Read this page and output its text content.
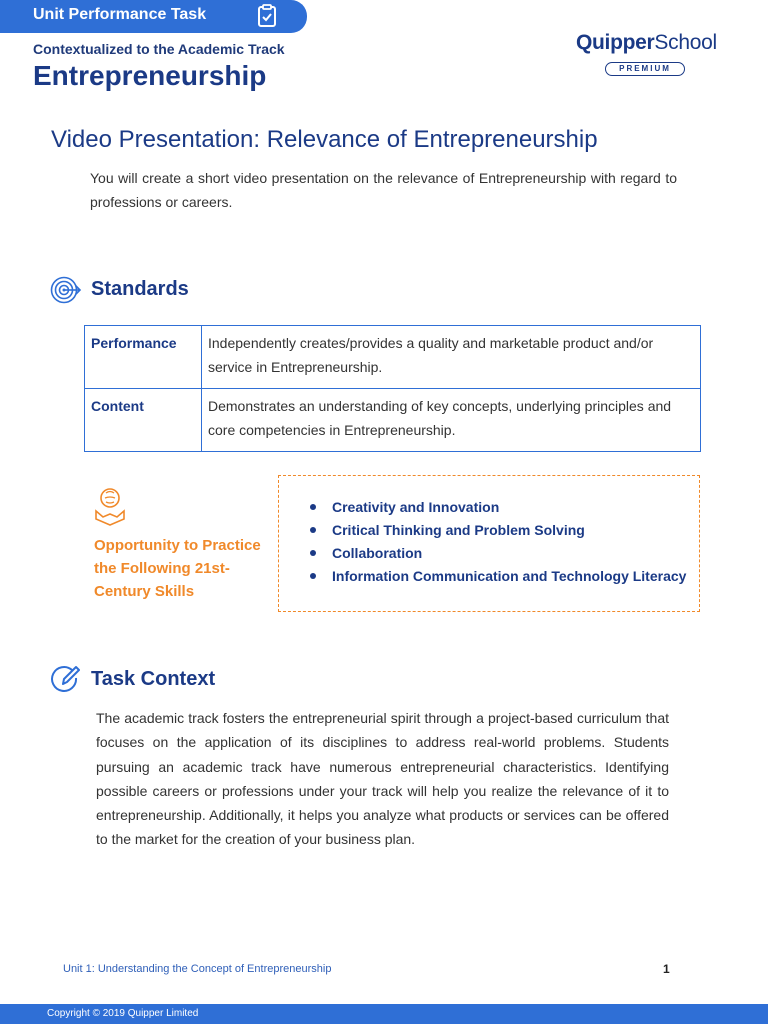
Unit Performance Task
Contextualized to the Academic Track
Entrepreneurship
QuipperSchool
PREMIUM
Video Presentation: Relevance of Entrepreneurship
You will create a short video presentation on the relevance of Entrepreneurship with regard to professions or careers.
Standards
Performance	Independently creates/provides a quality and marketable product and/or service in Entrepreneurship.
Content	Demonstrates an understanding of key concepts, underlying principles and core competencies in Entrepreneurship.
Opportunity to Practice the Following 21st-Century Skills
Creativity and Innovation
Critical Thinking and Problem Solving
Collaboration
Information Communication and Technology Literacy
Task Context
The academic track fosters the entrepreneurial spirit through a project-based curriculum that focuses on the application of its disciplines to address real-world problems. Students pursuing an academic track have numerous entrepreneurial characteristics. Identifying possible careers or professions under your track will help you realize the relevance of it to entrepreneurship. Additionally, it helps you analyze what products or services can be offered to the market for the creation of your business plan.
Unit 1: Understanding the Concept of Entrepreneurship	1
Copyright © 2019 Quipper Limited
